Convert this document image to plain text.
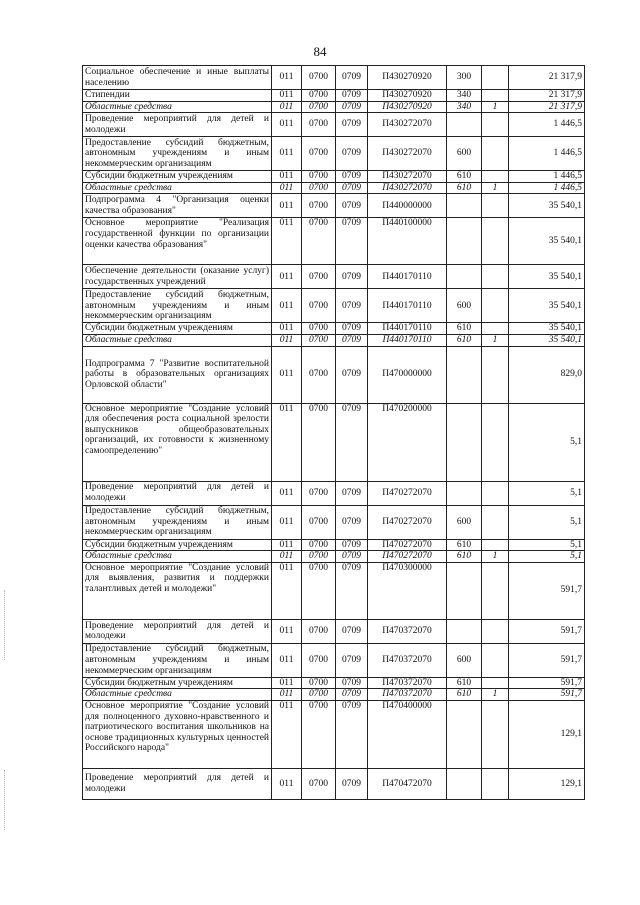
84
Социальное обеспечение и иные выплаты населению	011	0700	0709	П430270920	300		21 317,9
Стипендии	011	0700	0709	П430270920	340		21 317,9
Областные средства	011	0700	0709	П430270920	340	1	21 317,9
Проведение мероприятий для детей и молодежи	011	0700	0709	П430272070			1 446,5
Предоставление субсидий бюджетным, автономным учреждениям и иным некоммерческим организациям	011	0700	0709	П430272070	600		1 446,5
Субсидии бюджетным учреждениям	011	0700	0709	П430272070	610		1 446,5
Областные средства	011	0700	0709	П430272070	610	1	1 446,5
Подпрограмма 4 "Организация оценки качества образования"	011	0700	0709	П440000000			35 540,1
Основное мероприятие "Реализация государственной функции по организации оценки качества образования"	011	0700	0709	П440100000			35 540,1
Обеспечение деятельности (оказание услуг) государственных учреждений	011	0700	0709	П440170110			35 540,1
Предоставление субсидий бюджетным, автономным учреждениям и иным некоммерческим организациям	011	0700	0709	П440170110	600		35 540,1
Субсидии бюджетным учреждениям	011	0700	0709	П440170110	610		35 540,1
Областные средства	011	0700	0709	П440170110	610	1	35 540,1
Подпрограмма 7 "Развитие воспитательной работы в образовательных организациях Орловской области"	011	0700	0709	П470000000			829,0
Основное мероприятие "Создание условий для обеспечения роста социальной зрелости выпускников общеобразовательных организаций, их готовности к жизненному самоопределению"	011	0700	0709	П470200000			5,1
Проведение мероприятий для детей и молодежи	011	0700	0709	П470272070			5,1
Предоставление субсидий бюджетным, автономным учреждениям и иным некоммерческим организациям	011	0700	0709	П470272070	600		5,1
Субсидии бюджетным учреждениям	011	0700	0709	П470272070	610		5,1
Областные средства	011	0700	0709	П470272070	610	1	5,1
Основное мероприятие "Создание условий для выявления, развития и поддержки талантливых детей и молодежи"	011	0700	0709	П470300000			591,7
Проведение мероприятий для детей и молодежи	011	0700	0709	П470372070			591,7
Предоставление субсидий бюджетным, автономным учреждениям и иным некоммерческим организациям	011	0700	0709	П470372070	600		591,7
Субсидии бюджетным учреждениям	011	0700	0709	П470372070	610		591,7
Областные средства	011	0700	0709	П470372070	610	1	591,7
Основное мероприятие "Создание условий для полноценного духовно-нравственного и патриотического воспитания школьников на основе традиционных культурных ценностей Российского народа"	011	0700	0709	П470400000			129,1
Проведение мероприятий для детей и молодежи	011	0700	0709	П470472070			129,1
